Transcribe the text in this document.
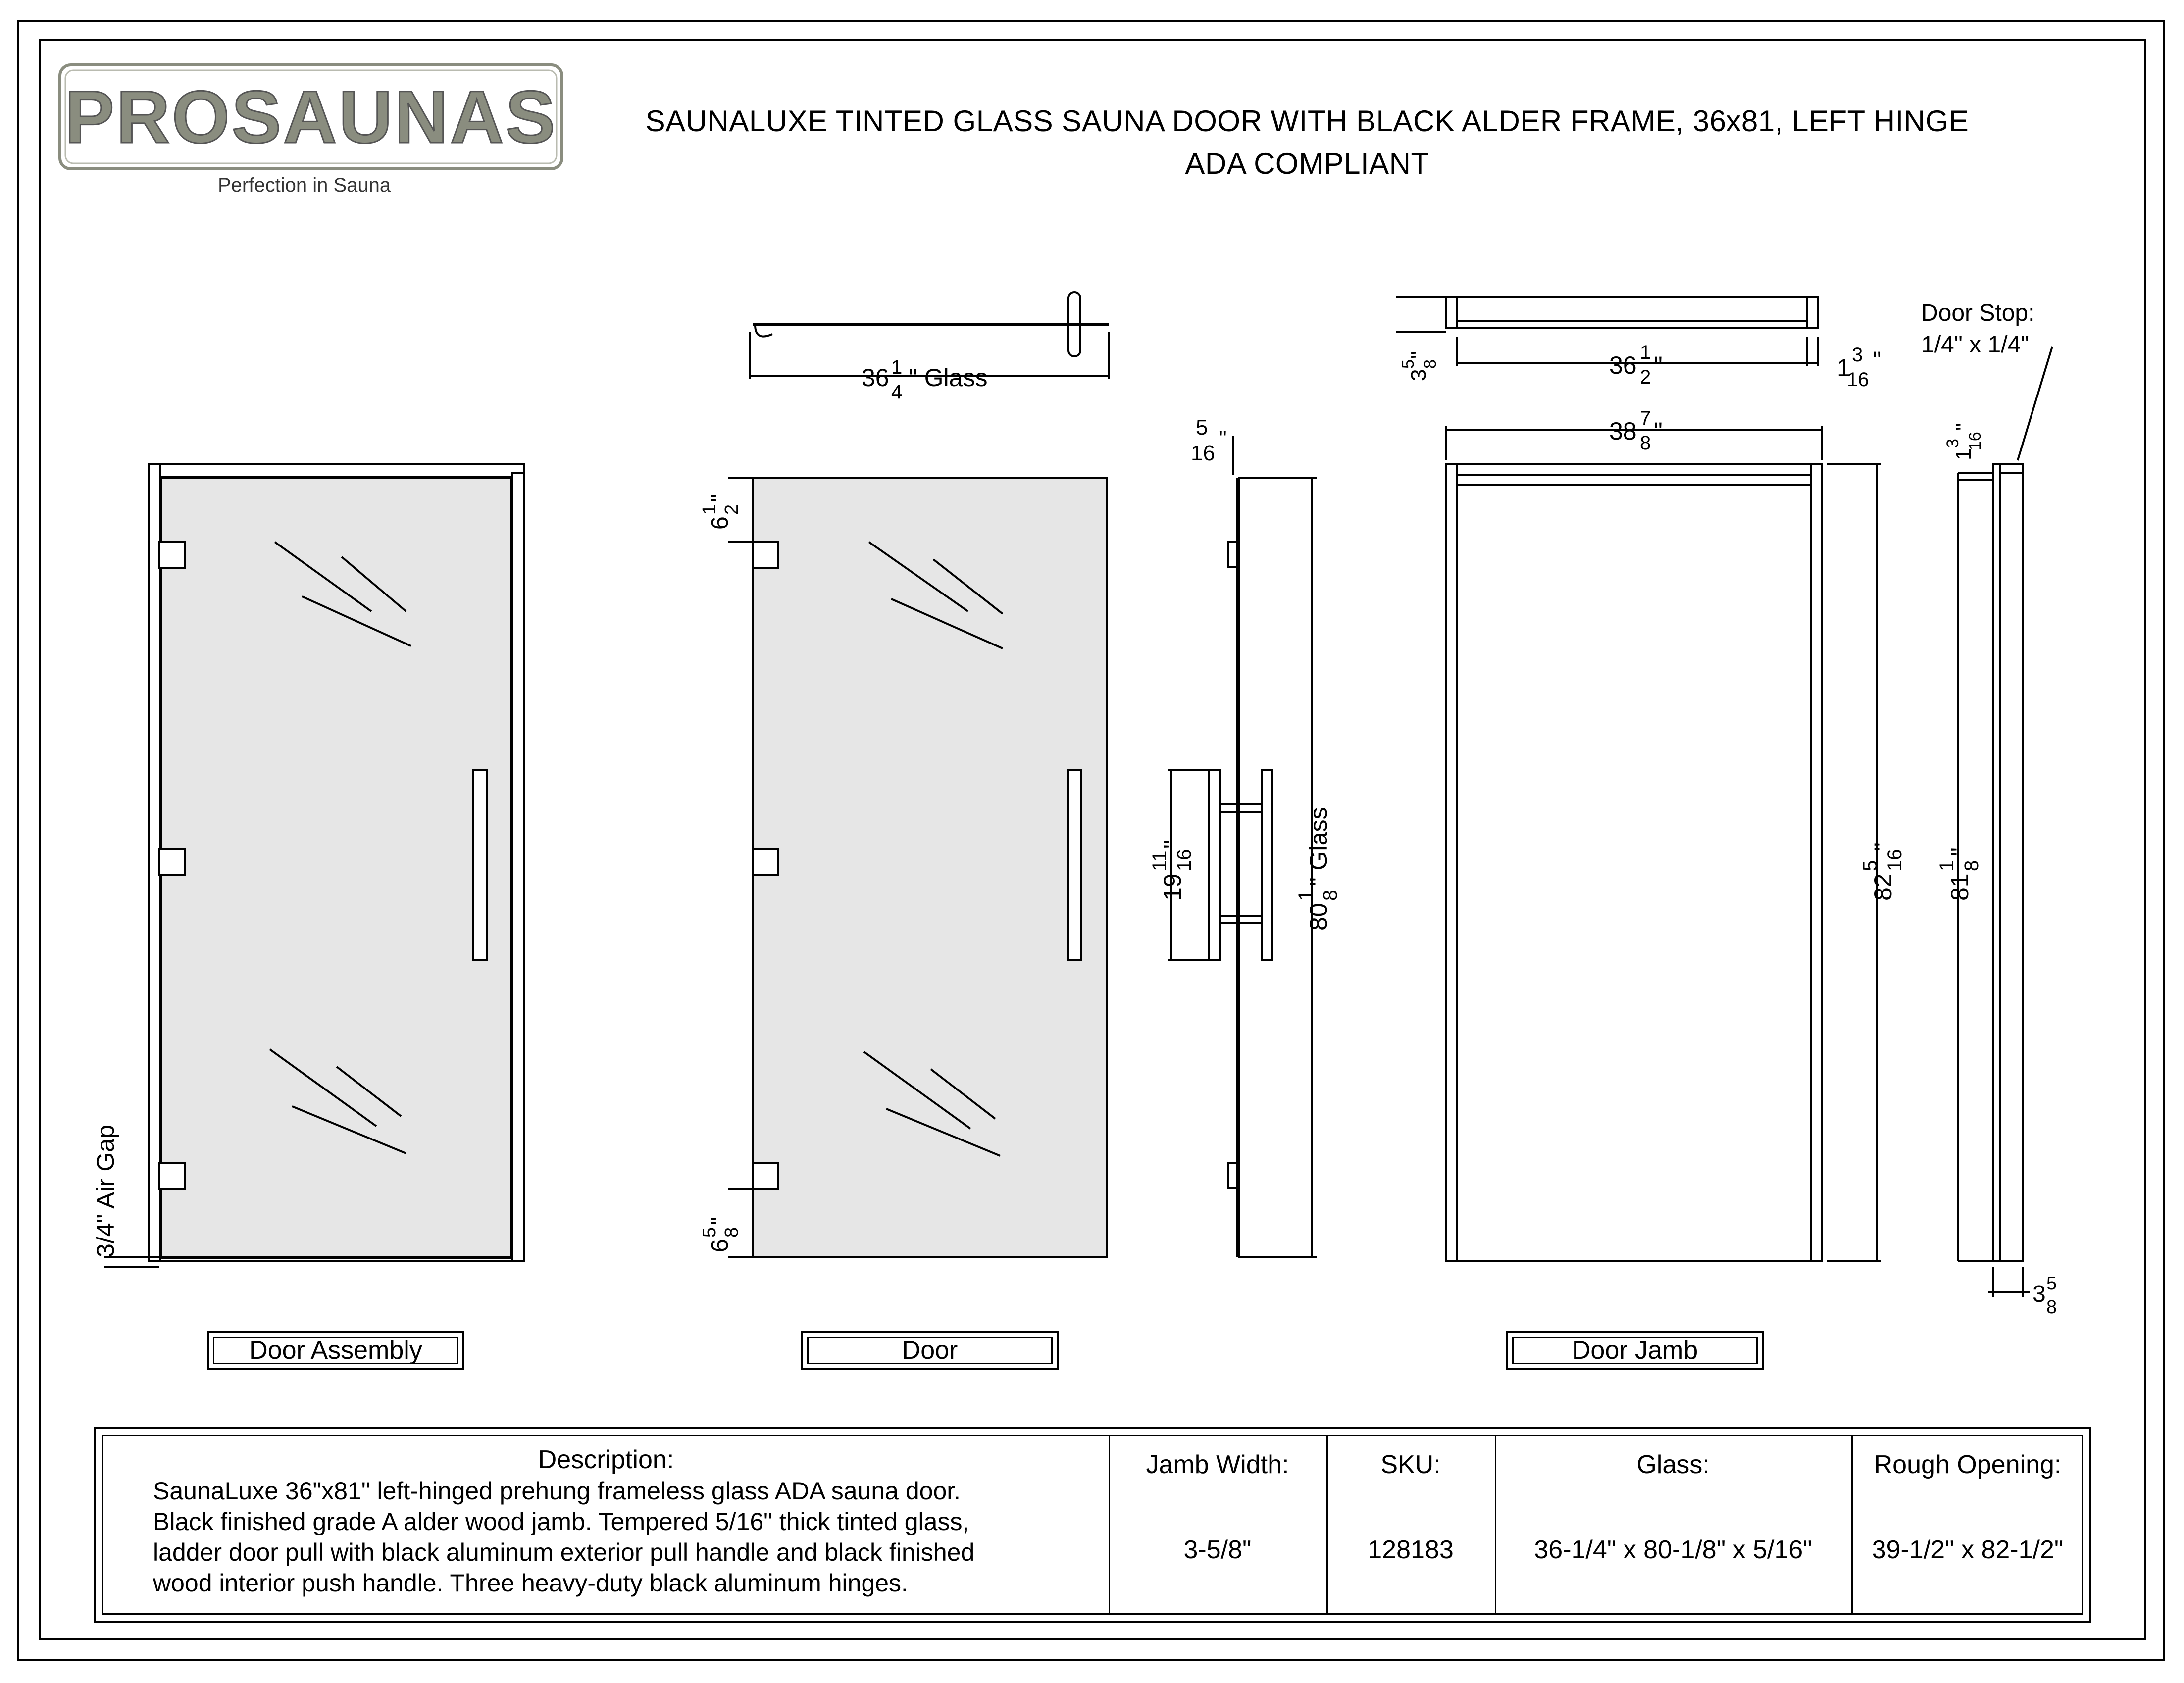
PROSAUNAS
Perfection in Sauna
SAUNALUXE TINTED GLASS SAUNA DOOR WITH BLACK ALDER FRAME, 36x81, LEFT HINGE
ADA COMPLIANT
3/4" Air Gap
36 1 4 " Glass
6 1 2 "
6 5 8 "
5 16 "
19 11 16 "
80 1 8 " Glass
3 5 8 "	36 1 2 "	1 3 16 "
38 7 8 "
82 5 16 "
1 3 16 "
81 1 8 "
3 5 8
Door Stop:
1/4" x 1/4"
Door Assembly	Door	Door Jamb
Description:
SaunaLuxe 36"x81" left-hinged prehung frameless glass ADA sauna door.
Black finished grade A alder wood jamb. Tempered 5/16" thick tinted glass,
ladder door pull with black aluminum exterior pull handle and black finished
wood interior push handle. Three heavy-duty black aluminum hinges.
Jamb Width:
3-5/8"
SKU:
128183
Glass:
36-1/4" x 80-1/8" x 5/16"
Rough Opening:
39-1/2" x 82-1/2"
